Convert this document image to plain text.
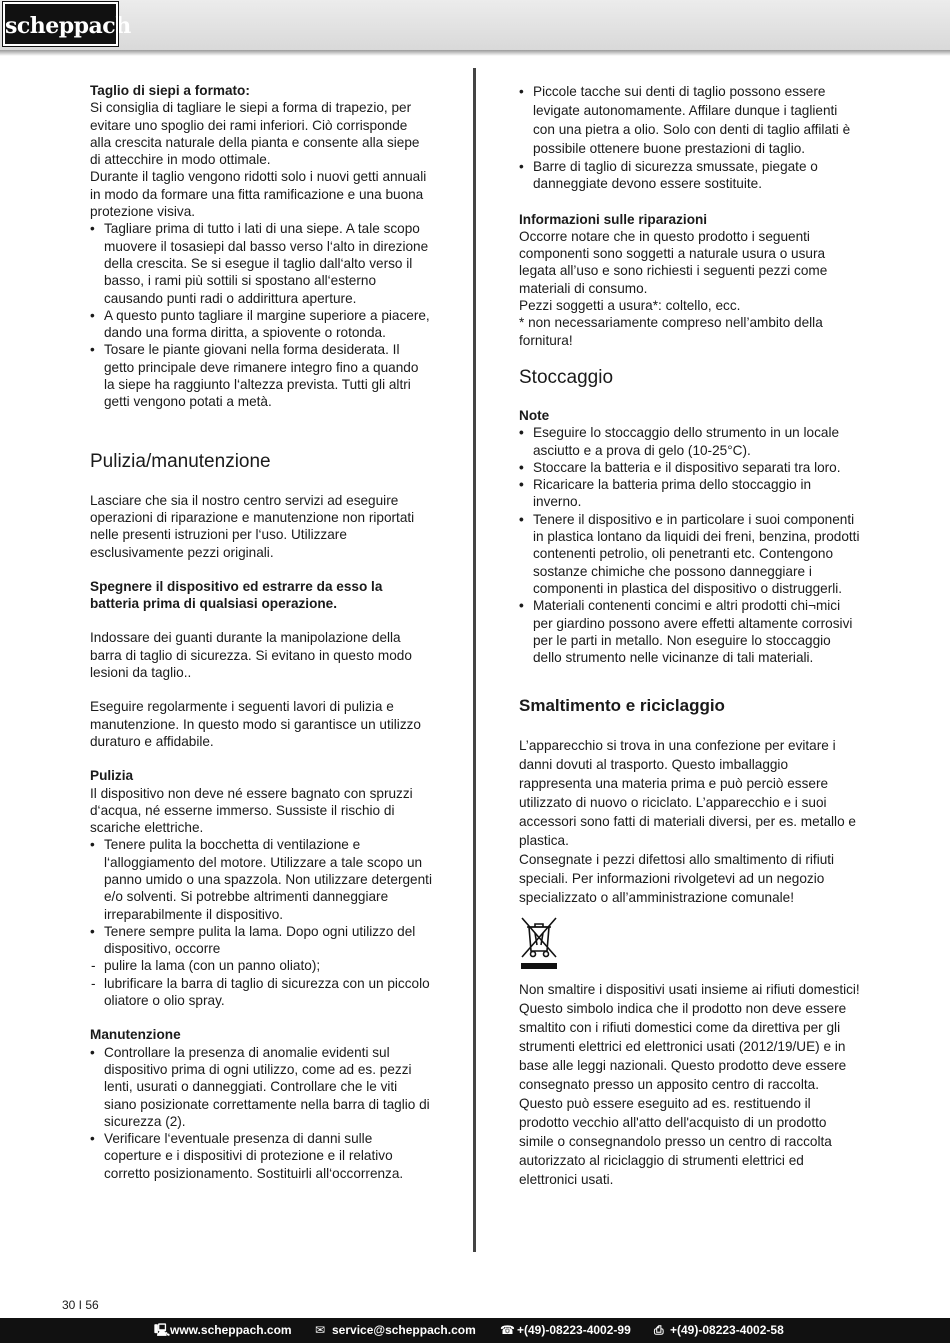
scheppach

Taglio di siepi a formato:

Si consiglia di tagliare le siepi a forma di trapezio, per evitare uno spoglio dei rami inferiori. Ciò corrisponde alla crescita naturale della pianta e consente alla siepe di attecchire in modo ottimale.

Durante il taglio vengono ridotti solo i nuovi getti annuali in modo da formare una fitta ramificazione e una buona protezione visiva.

• Tagliare prima di tutto i lati di una siepe. A tale scopo muovere il tosasiepi dal basso verso l‘alto in direzione della crescita. Se si esegue il taglio dall‘alto verso il basso, i rami più sottili si spostano all‘esterno causando punti radi o addirittura aperture.
• A questo punto tagliare il margine superiore a piacere, dando una forma diritta, a spiovente o rotonda.
• Tosare le piante giovani nella forma desiderata. Il getto principale deve rimanere integro fino a quando la siepe ha raggiunto l‘altezza prevista. Tutti gli altri getti vengono potati a metà.
Pulizia/manutenzione

Lasciare che sia il nostro centro servizi ad eseguire operazioni di riparazione e manutenzione non riportati nelle presenti istruzioni per l‘uso. Utilizzare esclusivamente pezzi originali.

Spegnere il dispositivo ed estrarre da esso la batteria prima di qualsiasi operazione.

Indossare dei guanti durante la manipolazione della barra di taglio di sicurezza. Si evitano in questo modo lesioni da taglio..

Eseguire regolarmente i seguenti lavori di pulizia e manutenzione. In questo modo si garantisce un utilizzo duraturo e affidabile.

Pulizia

Il dispositivo non deve né essere bagnato con spruzzi d‘acqua, né esserne immerso. Sussiste il rischio di scariche elettriche.

• Tenere pulita la bocchetta di ventilazione e l‘alloggiamento del motore. Utilizzare a tale scopo un panno umido o una spazzola. Non utilizzare detergenti e/o solventi. Si potrebbe altrimenti danneggiare irreparabilmente il dispositivo.
• Tenere sempre pulita la lama. Dopo ogni utilizzo del dispositivo, occorre
- pulire la lama (con un panno oliato);
- lubrificare la barra di taglio di sicurezza con un piccolo oliatore o olio spray.

Manutenzione

• Controllare la presenza di anomalie evidenti sul dispositivo prima di ogni utilizzo, come ad es. pezzi lenti, usurati o danneggiati. Controllare che le viti siano posizionate correttamente nella barra di taglio di sicurezza (2).
• Verificare l‘eventuale presenza di danni sulle coperture e i dispositivi di protezione e il relativo corretto posizionamento. Sostituirli all‘occorrenza.
• Piccole tacche sui denti di taglio possono essere levigate autonomamente. Affilare dunque i taglienti con una pietra a olio. Solo con denti di taglio affilati è possibile ottenere buone prestazioni di taglio.
• Barre di taglio di sicurezza smussate, piegate o danneggiate devono essere sostituite.

Informazioni sulle riparazioni

Occorre notare che in questo prodotto i seguenti componenti sono soggetti a naturale usura o usura legata all’uso e sono richiesti i seguenti pezzi come materiali di consumo.

Pezzi soggetti a usura*: coltello, ecc.

* non necessariamente compreso nell’ambito della fornitura!

Stoccaggio

Note

• Eseguire lo stoccaggio dello strumento in un locale asciutto e a prova di gelo (10-25°C).
• Stoccare la batteria e il dispositivo separati tra loro.
• Ricaricare la batteria prima dello stoccaggio in inverno.
• Tenere il dispositivo e in particolare i suoi componenti in plastica lontano da liquidi dei freni, benzina, prodotti contenenti petrolio, oli penetranti etc. Contengono sostanze chimiche che possono danneggiare i componenti in plastica del dispositivo o distruggerli.
• Materiali contenenti concimi e altri prodotti chi¬mici per giardino possono avere effetti altamente corrosivi per le parti in metallo. Non eseguire lo stoccaggio dello strumento nelle vicinanze di tali materiali.
Smaltimento e riciclaggio

L’apparecchio si trova in una confezione per evitare i danni dovuti al trasporto. Questo imballaggio rappresenta una materia prima e può perciò essere utilizzato di nuovo o riciclato. L’apparecchio e i suoi accessori sono fatti di materiali diversi, per es. metallo e plastica.

Consegnate i pezzi difettosi allo smaltimento di rifiuti speciali. Per informazioni rivolgetevi ad un negozio specializzato o all’amministrazione comunale!

Non smaltire i dispositivi usati insieme ai rifiuti domestici!

Questo simbolo indica che il prodotto non deve essere smaltito con i rifiuti domestici come da direttiva per gli strumenti elettrici ed elettronici usati (2012/19/UE) e in base alle leggi nazionali. Questo prodotto deve essere consegnato presso un apposito centro di raccolta. Questo può essere eseguito ad es. restituendo il prodotto vecchio all'atto dell'acquisto di un prodotto simile o consegnandolo presso un centro di raccolta autorizzato al riciclaggio di strumenti elettrici ed elettronici usati.

30 I 56
🖳 www.scheppach.com ✉ service@scheppach.com ☎ +(49)-08223-4002-99 ⎙ +(49)-08223-4002-58
